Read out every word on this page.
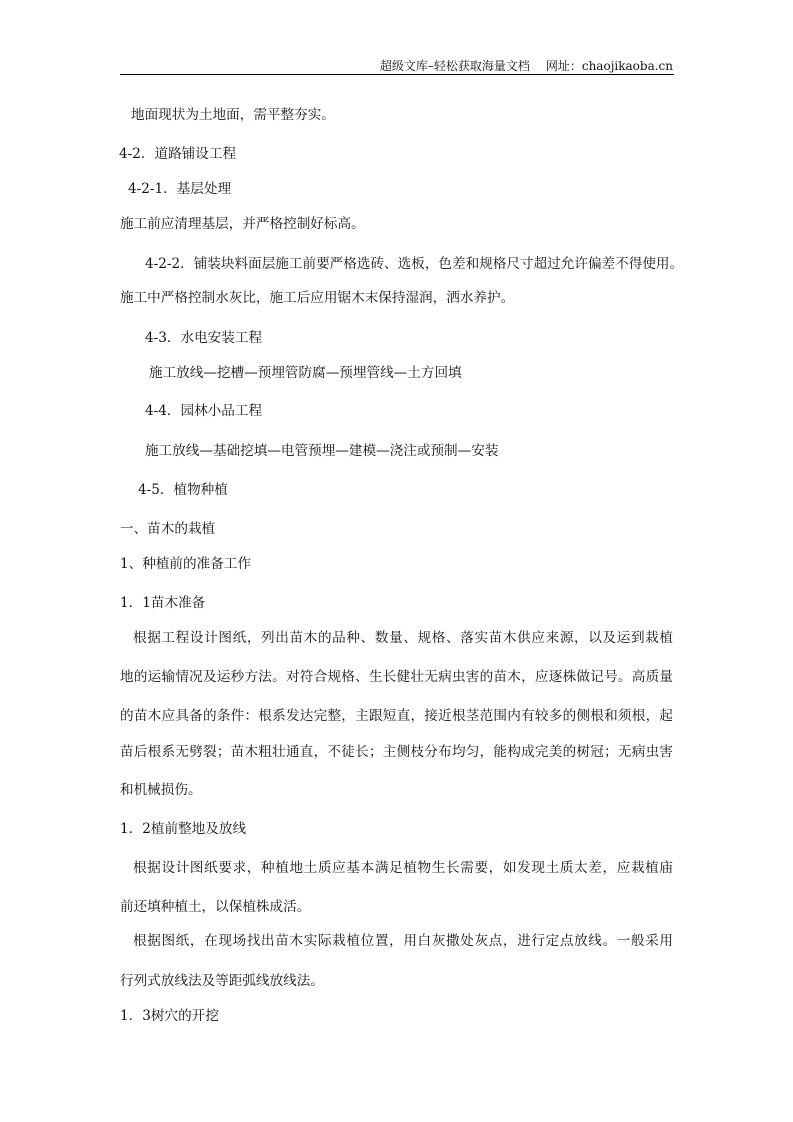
超级文库–轻松获取海量文档 网址：chaojikaoba.cn
地面现状为土地面，需平整夯实。
4-2．道路铺设工程
4-2-1．基层处理
施工前应清理基层，并严格控制好标高。
4-2-2．铺装块料面层施工前要严格选砖、选板，色差和规格尺寸超过允许偏差不得使用。
施工中严格控制水灰比，施工后应用锯木末保持湿润，洒水养护。
4-3．水电安装工程
施工放线—挖槽—预埋管防腐—预埋管线—土方回填
4-4．园林小品工程
施工放线—基础挖填—电管预埋—建模—浇注或预制—安装
4-5．植物种植
一、苗木的栽植
1、种植前的准备工作
1．1苗木准备
根据工程设计图纸，列出苗木的品种、数量、规格、落实苗木供应来源，以及运到栽植
地的运输情况及运秒方法。对符合规格、生长健壮无病虫害的苗木，应逐株做记号。高质量
的苗木应具备的条件：根系发达完整，主跟短直，接近根茎范围内有较多的侧根和须根，起
苗后根系无劈裂；苗木粗壮通直，不徒长；主侧枝分布均匀，能构成完美的树冠；无病虫害
和机械损伤。
1．2植前整地及放线
根据设计图纸要求，种植地土质应基本满足植物生长需要，如发现土质太差，应栽植庙
前还填种植土，以保植株成活。
根据图纸，在现场找出苗木实际栽植位置，用白灰撒处灰点，进行定点放线。一般采用
行列式放线法及等距弧线放线法。
1．3树穴的开挖
